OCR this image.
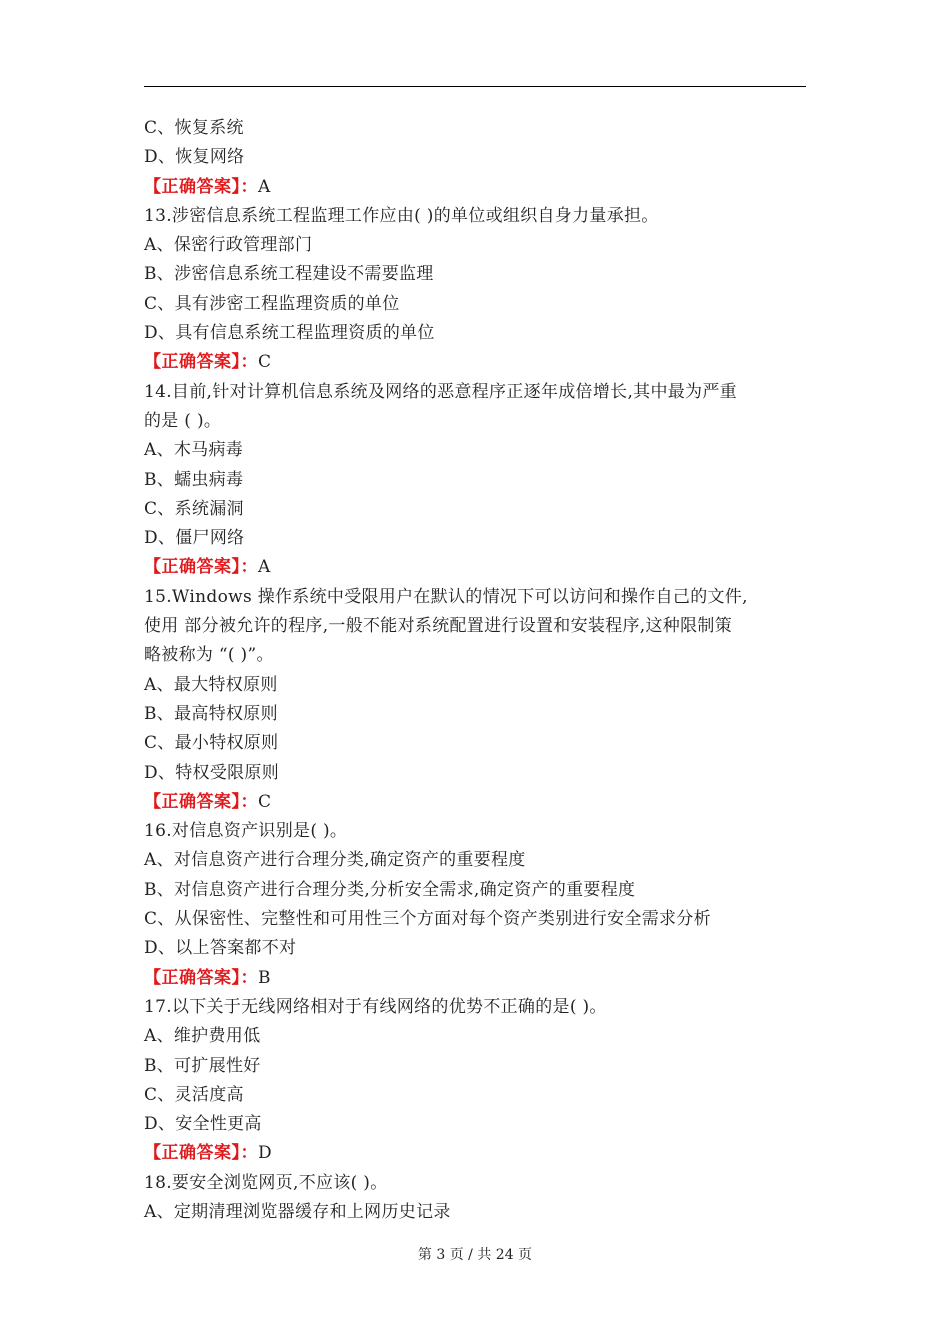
C、恢复系统
D、恢复网络
【正确答案】：A
13.涉密信息系统工程监理工作应由( )的单位或组织自身力量承担。
A、保密行政管理部门
B、涉密信息系统工程建设不需要监理
C、具有涉密工程监理资质的单位
D、具有信息系统工程监理资质的单位
【正确答案】：C
14.目前,针对计算机信息系统及网络的恶意程序正逐年成倍增长,其中最为严重
的是 ( )。
A、木马病毒
B、蠕虫病毒
C、系统漏洞
D、僵尸网络
【正确答案】：A
15.Windows 操作系统中受限用户在默认的情况下可以访问和操作自己的文件,
使用 部分被允许的程序,一般不能对系统配置进行设置和安装程序,这种限制策
略被称为 “( )”。
A、最大特权原则
B、最高特权原则
C、最小特权原则
D、特权受限原则
【正确答案】：C
16.对信息资产识别是( )。
A、对信息资产进行合理分类,确定资产的重要程度
B、对信息资产进行合理分类,分析安全需求,确定资产的重要程度
C、从保密性、完整性和可用性三个方面对每个资产类别进行安全需求分析
D、以上答案都不对
【正确答案】：B
17.以下关于无线网络相对于有线网络的优势不正确的是( )。
A、维护费用低
B、可扩展性好
C、灵活度高
D、安全性更高
【正确答案】：D
18.要安全浏览网页,不应该( )。
A、定期清理浏览器缓存和上网历史记录
第 3 页 / 共 24 页
